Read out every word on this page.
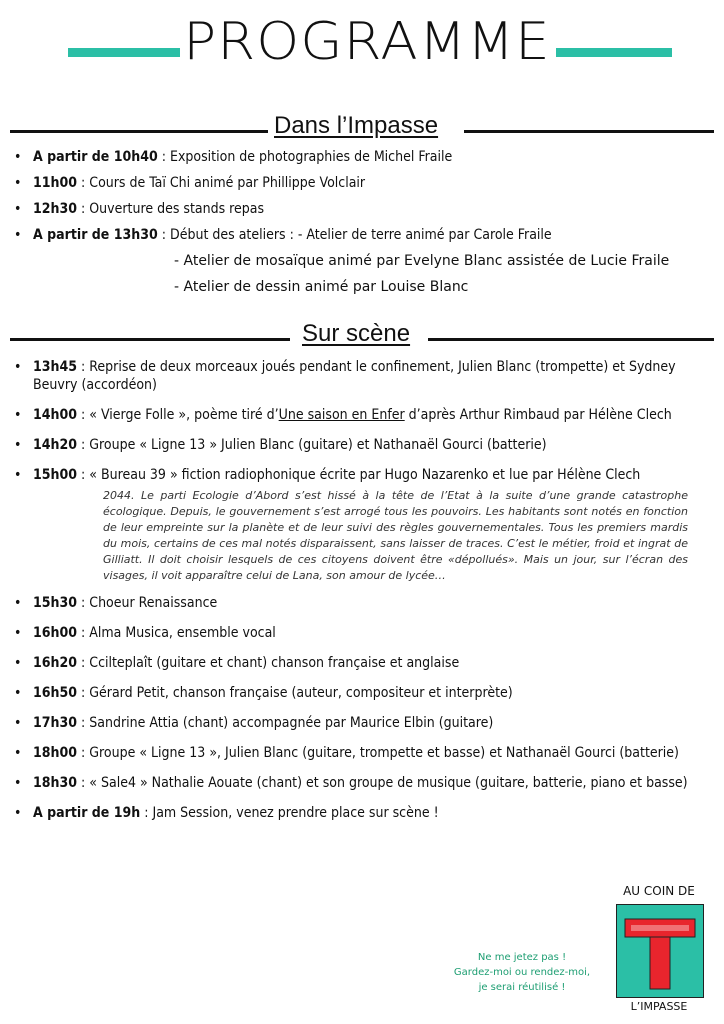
PROGRAMME
Dans l’Impasse
• A partir de 10h40 : Exposition de photographies de Michel Fraile
• 11h00 : Cours de Taï Chi animé par Phillippe Volclair
• 12h30 : Ouverture des stands repas
• A partir de 13h30 : Début des ateliers : - Atelier de terre animé par Carole Fraile
- Atelier de mosaïque animé par Evelyne Blanc assistée de Lucie Fraile
- Atelier de dessin animé par Louise Blanc
Sur scène
• 13h45 : Reprise de deux morceaux joués pendant le confinement, Julien Blanc (trompette) et Sydney Beuvry (accordéon)
• 14h00 : « Vierge Folle », poème tiré d’Une saison en Enfer d’après Arthur Rimbaud par Hélène Clech
• 14h20 : Groupe « Ligne 13 » Julien Blanc (guitare) et Nathanaël Gourci (batterie)
• 15h00 : « Bureau 39 » fiction radiophonique écrite par Hugo Nazarenko et lue par Hélène Clech
2044. Le parti Ecologie d’Abord s’est hissé à la tête de l’Etat à la suite d’une grande catastrophe écologique. Depuis, le gouvernement s’est arrogé tous les pouvoirs. Les habitants sont notés en fonction de leur empreinte sur la planète et de leur suivi des règles gouvernementales. Tous les premiers mardis du mois, certains de ces mal notés disparaissent, sans laisser de traces. C’est le métier, froid et ingrat de Gilliatt. Il doit choisir lesquels de ces citoyens doivent être «dépollués». Mais un jour, sur l’écran des visages, il voit apparaître celui de Lana, son amour de lycée…
• 15h30 : Choeur Renaissance
• 16h00 : Alma Musica, ensemble vocal
• 16h20 : Ccilteplaît (guitare et chant) chanson française et anglaise
• 16h50 : Gérard Petit, chanson française (auteur, compositeur et interprète)
• 17h30 : Sandrine Attia (chant) accompagnée par Maurice Elbin (guitare)
• 18h00 : Groupe « Ligne 13 », Julien Blanc (guitare, trompette et basse) et Nathanaël Gourci (batterie)
• 18h30 : « Sale4 » Nathalie Aouate (chant) et son groupe de musique (guitare, batterie, piano et basse)
• A partir de 19h : Jam Session, venez prendre place sur scène !
Ne me jetez pas !
Gardez-moi ou rendez-moi,
je serai réutilisé !
AU COIN DE
L’IMPASSE
